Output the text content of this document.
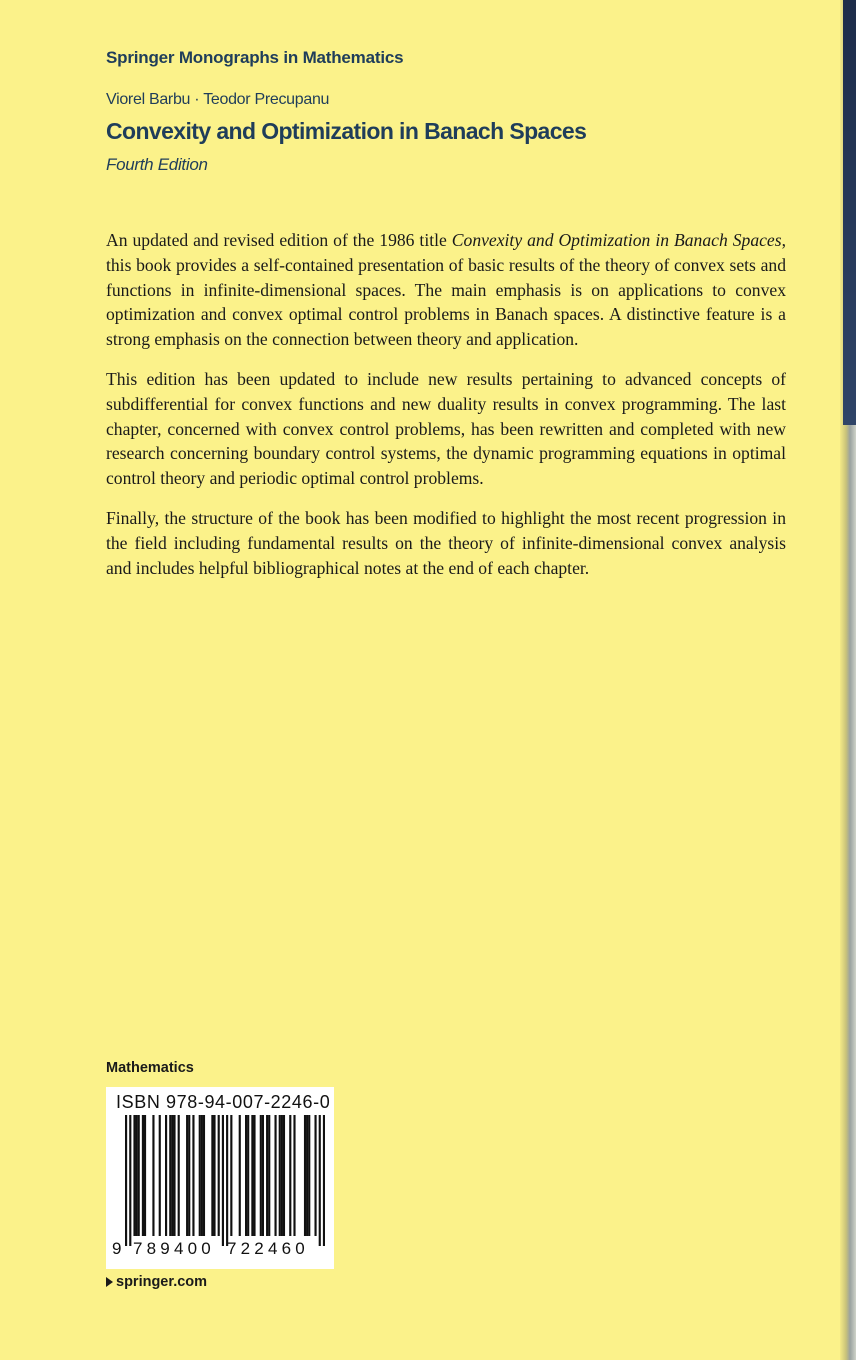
Springer Monographs in Mathematics
Viorel Barbu · Teodor Precupanu
Convexity and Optimization in Banach Spaces
Fourth Edition

An updated and revised edition of the 1986 title Convexity and Optimization in Banach Spaces, this book provides a self-contained presentation of basic results of the theory of convex sets and functions in infinite-dimensional spaces. The main emphasis is on applications to convex optimization and convex optimal control problems in Banach spaces. A distinctive feature is a strong emphasis on the connection between theory and application.

This edition has been updated to include new results pertaining to advanced concepts of subdifferential for convex functions and new duality results in convex programming. The last chapter, concerned with convex control problems, has been rewritten and completed with new research concerning boundary control systems, the dynamic programming equations in optimal control theory and periodic optimal control problems.

Finally, the structure of the book has been modified to highlight the most recent progression in the field including fundamental results on the theory of infinite-dimensional convex analysis and includes helpful bibliographical notes at the end of each chapter.

Mathematics
ISBN 978-94-007-2246-0
9 789400 722460
springer.com
